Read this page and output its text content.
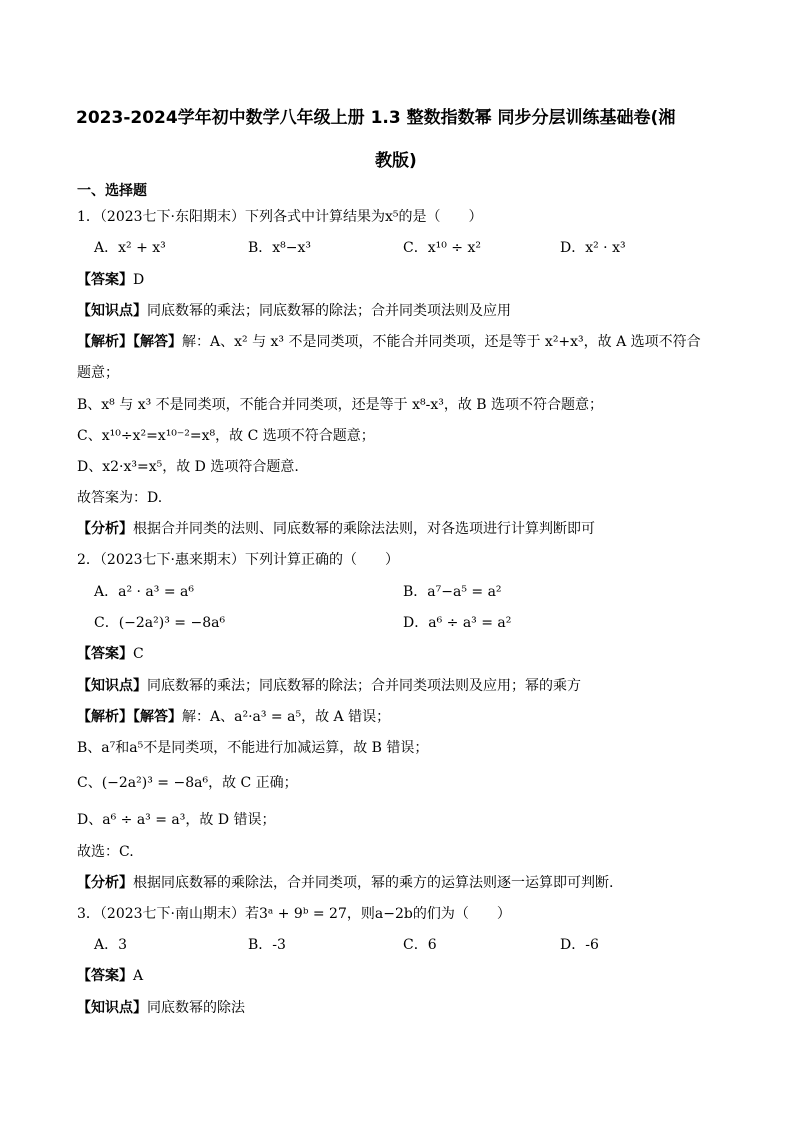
2023-2024学年初中数学八年级上册 1.3 整数指数幂 同步分层训练基础卷(湘
教版)
一、选择题
1．（2023七下·东阳期末）下列各式中计算结果为x⁵的是（　　）
A．x² + x³	B．x⁸−x³	C．x¹⁰ ÷ x²	D．x² · x³
【答案】D
【知识点】同底数幂的乘法；同底数幂的除法；合并同类项法则及应用
【解析】【解答】解：A、x² 与 x³ 不是同类项，不能合并同类项，还是等于 x²+x³，故 A 选项不符合
题意；
B、x⁸ 与 x³ 不是同类项，不能合并同类项，还是等于 x⁸-x³，故 B 选项不符合题意；
C、x¹⁰÷x²=x¹⁰⁻²=x⁸，故 C 选项不符合题意；
D、x2·x³=x⁵，故 D 选项符合题意.
故答案为：D.
【分析】根据合并同类的法则、同底数幂的乘除法法则，对各选项进行计算判断即可
2．（2023七下·惠来期末）下列计算正确的（　　）
A．a² · a³ = a⁶	B．a⁷−a⁵ = a²
C．(−2a²)³ = −8a⁶	D．a⁶ ÷ a³ = a²
【答案】C
【知识点】同底数幂的乘法；同底数幂的除法；合并同类项法则及应用；幂的乘方
【解析】【解答】解：A、a²·a³ = a⁵，故 A 错误；
B、a⁷和a⁵不是同类项，不能进行加减运算，故 B 错误；
C、(−2a²)³ = −8a⁶，故 C 正确；
D、a⁶ ÷ a³ = a³，故 D 错误；
故选：C.
【分析】根据同底数幂的乘除法，合并同类项，幂的乘方的运算法则逐一运算即可判断.
3．（2023七下·南山期末）若3ᵃ + 9ᵇ = 27，则a−2b的们为（　　）
A．3	B．-3	C．6	D．-6
【答案】A
【知识点】同底数幂的除法
